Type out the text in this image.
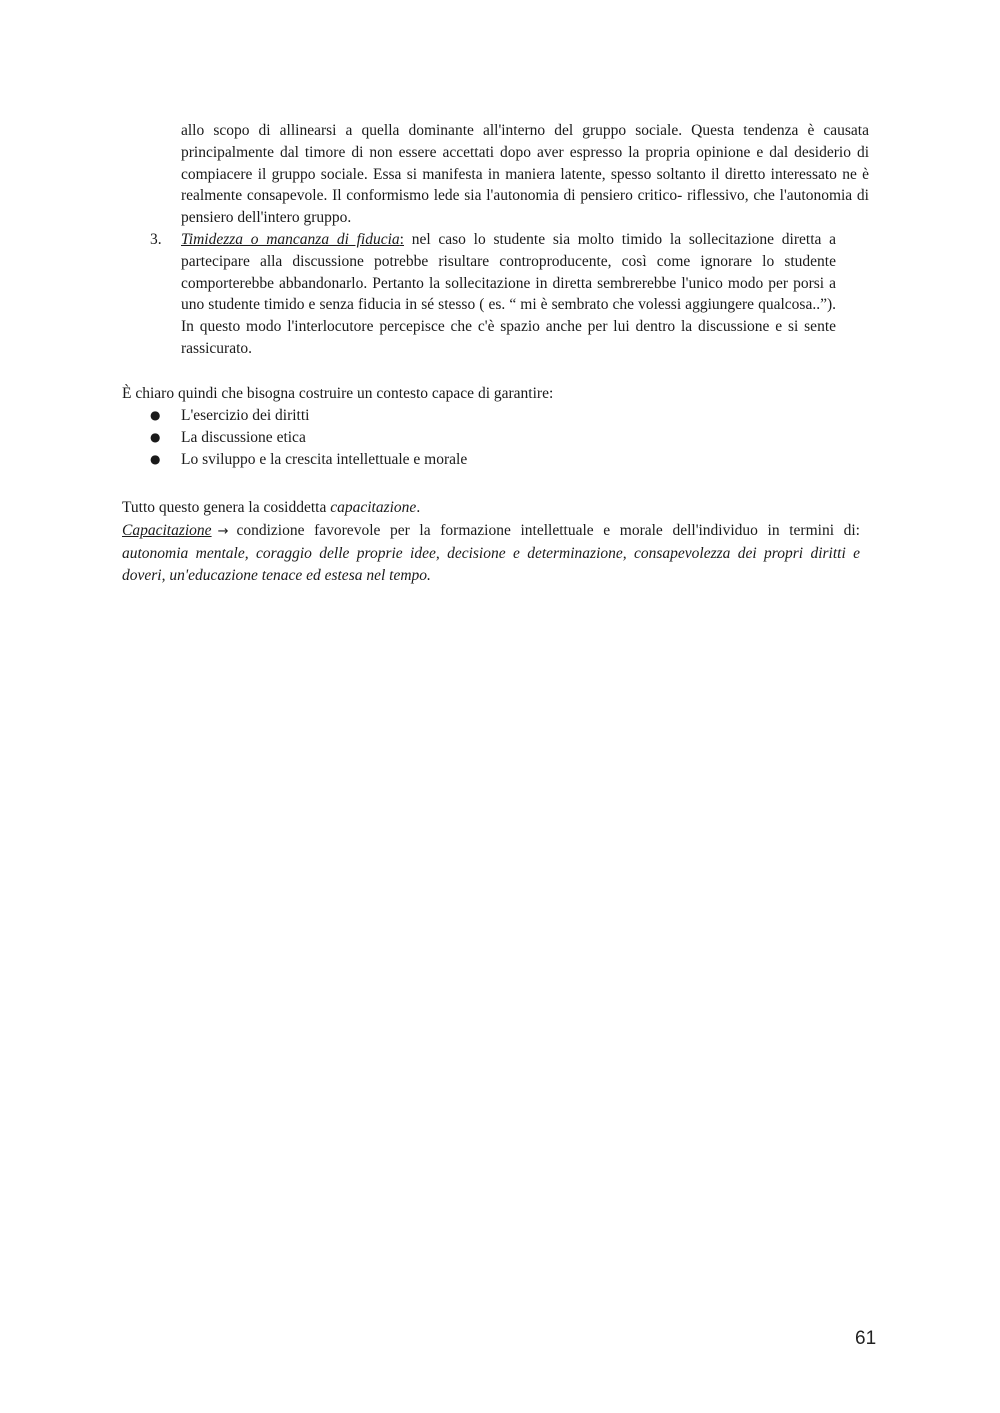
allo scopo di allinearsi a quella dominante all'interno del gruppo sociale. Questa tendenza è causata principalmente dal timore di non essere accettati dopo aver espresso la propria opinione e dal desiderio di compiacere il gruppo sociale. Essa si manifesta in maniera latente, spesso soltanto il diretto interessato ne è realmente consapevole. Il conformismo lede sia l'autonomia di pensiero critico- riflessivo, che l'autonomia di pensiero dell'intero gruppo.

3. Timidezza o mancanza di fiducia: nel caso lo studente sia molto timido la sollecitazione diretta a partecipare alla discussione potrebbe risultare controproducente, così come ignorare lo studente comporterebbe abbandonarlo. Pertanto la sollecitazione in diretta sembrerebbe l'unico modo per porsi a uno studente timido e senza fiducia in sé stesso ( es. “ mi è sembrato che volessi aggiungere qualcosa..”). In questo modo l'interlocutore percepisce che c'è spazio anche per lui dentro la discussione e si sente rassicurato.

È chiaro quindi che bisogna costruire un contesto capace di garantire:

● L'esercizio dei diritti
● La discussione etica
● Lo sviluppo e la crescita intellettuale e morale

Tutto questo genera la cosiddetta capacitazione.

Capacitazione → condizione favorevole per la formazione intellettuale e morale dell'individuo in termini di: autonomia mentale, coraggio delle proprie idee, decisione e determinazione, consapevolezza dei propri diritti e doveri, un'educazione tenace ed estesa nel tempo.

61
